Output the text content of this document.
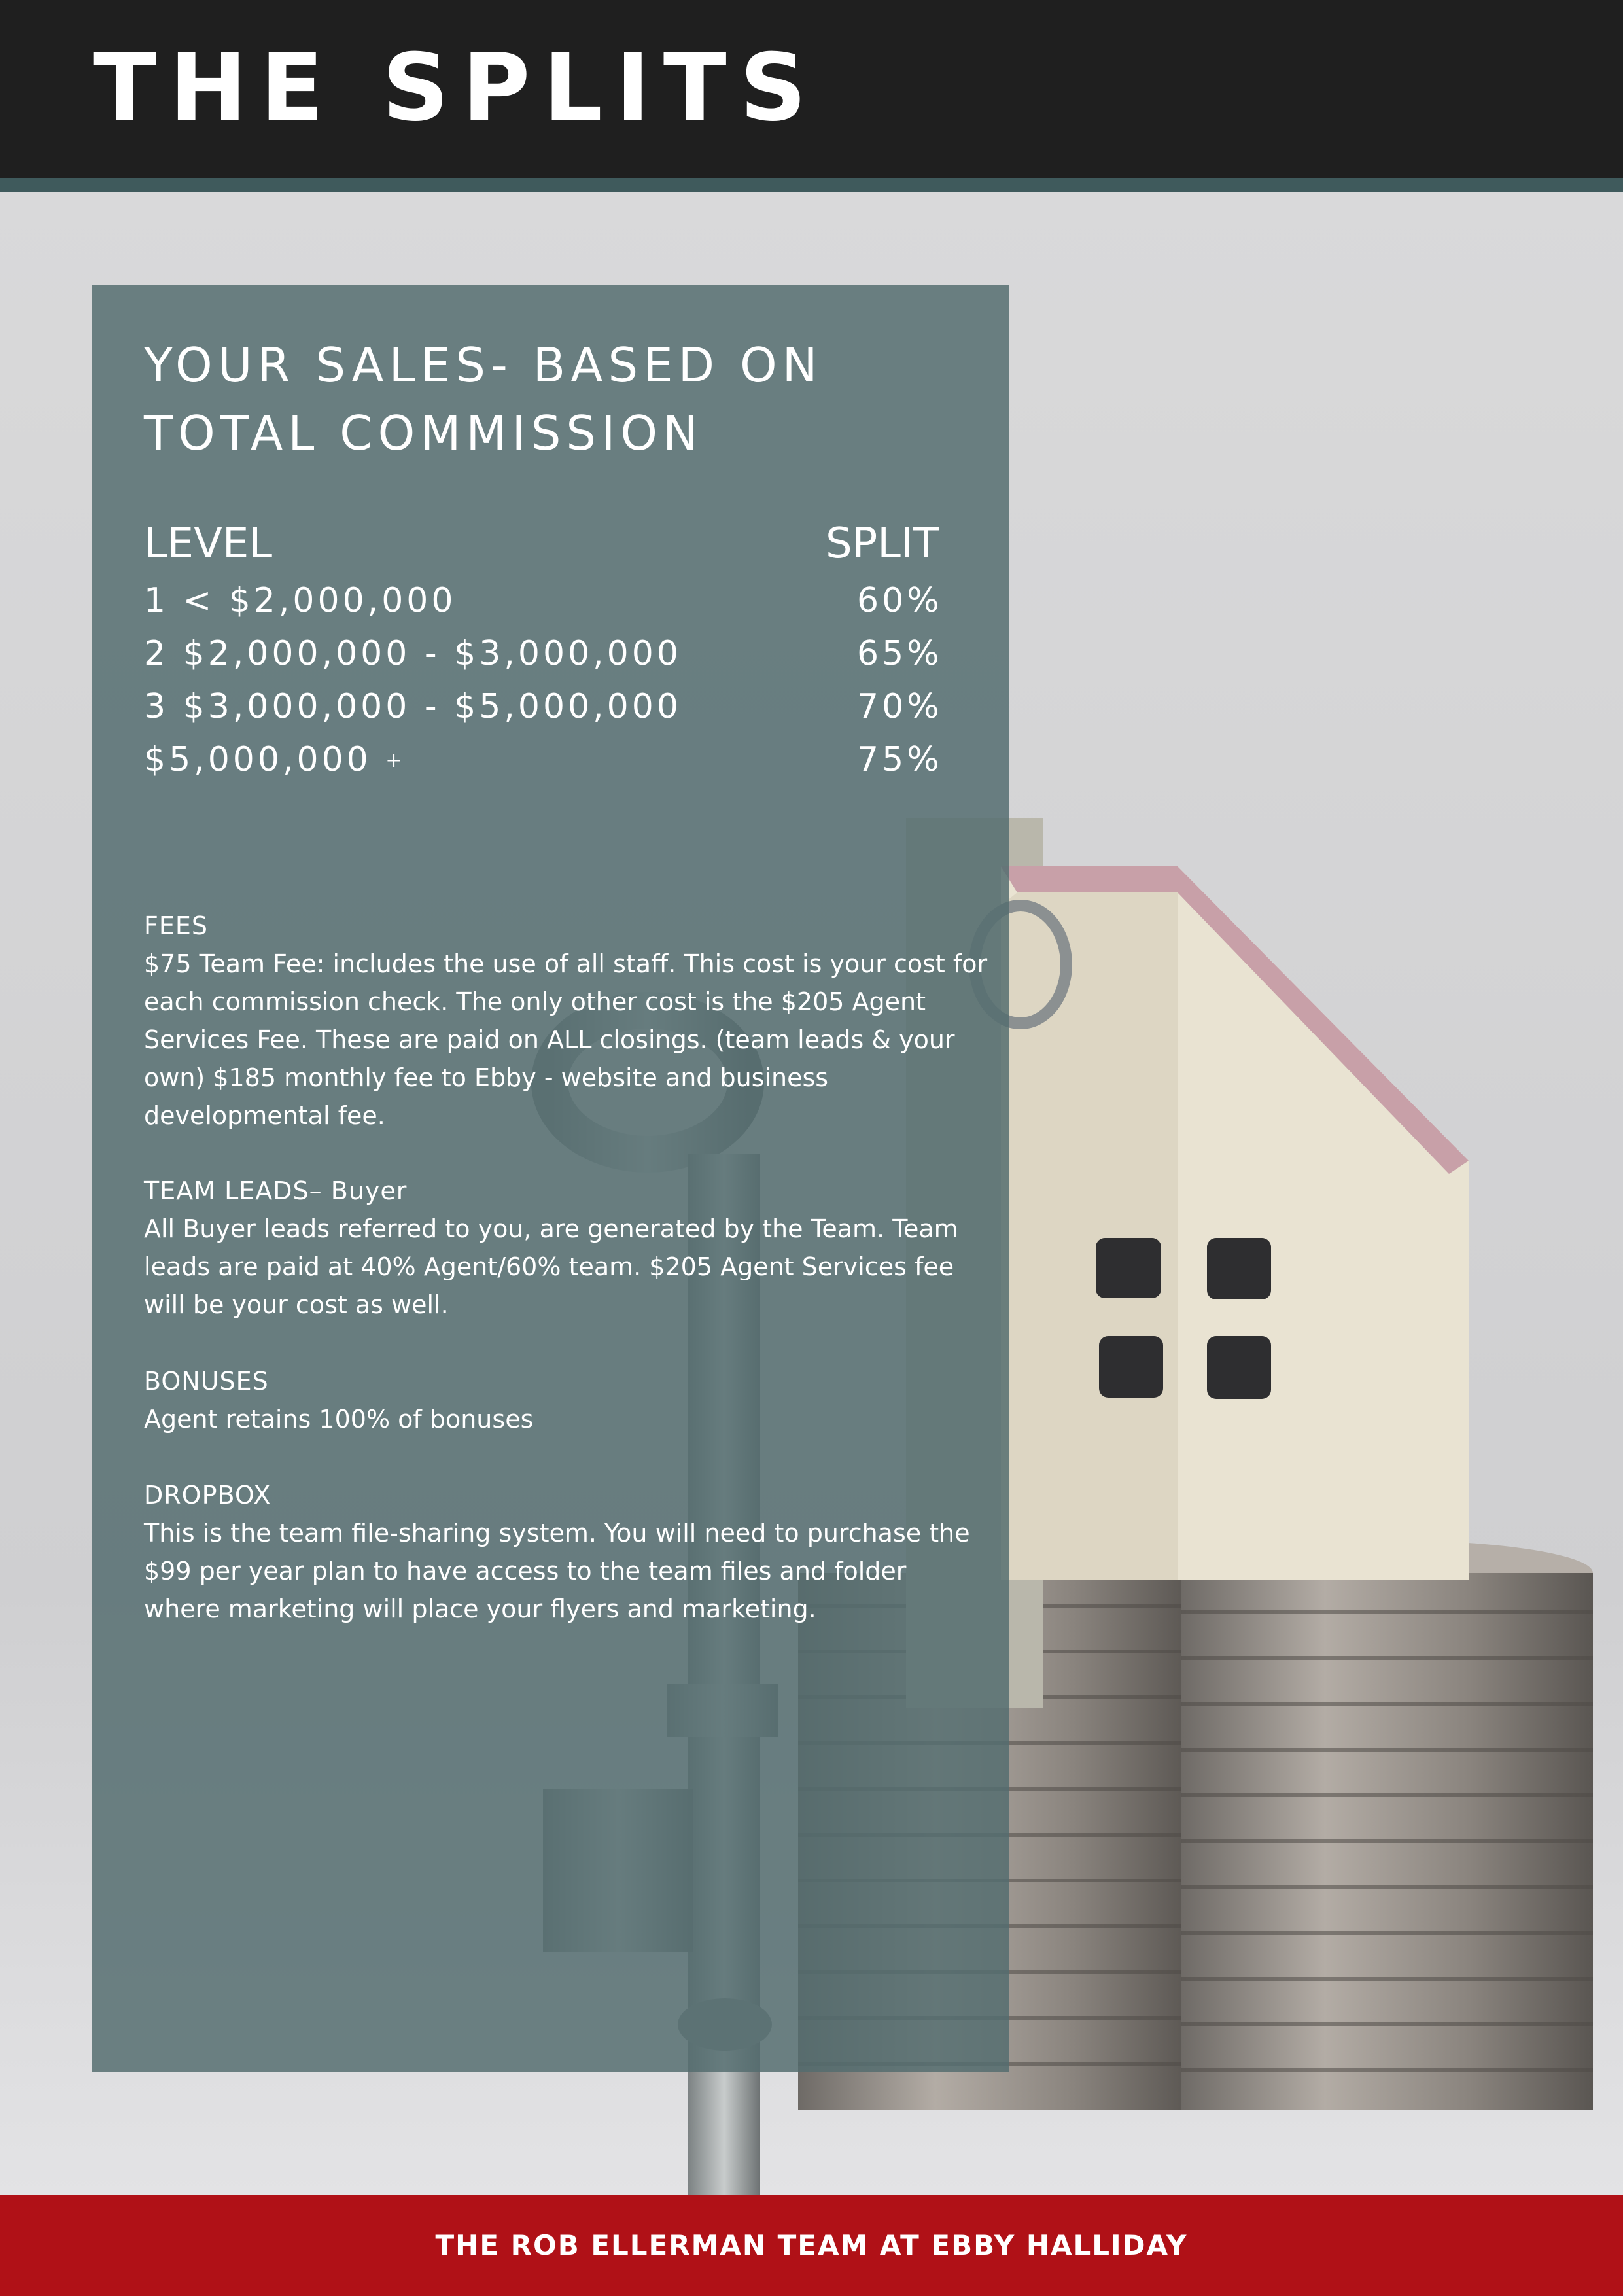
THE SPLITS
YOUR SALES- BASED ON
TOTAL COMMISSION
LEVEL	SPLIT
1 < $2,000,000	60%
2 $2,000,000 - $3,000,000	65%
3 $3,000,000 - $5,000,000	70%
$5,000,000 +	75%
FEES
$75 Team Fee: includes the use of all staff. This cost is your cost for each commission check. The only other cost is the $205 Agent Services Fee. These are paid on ALL closings. (team leads & your own) $185 monthly fee to Ebby - website and business developmental fee.
TEAM LEADS– Buyer
All Buyer leads referred to you, are generated by the Team. Team leads are paid at 40% Agent/60% team. $205 Agent Services fee will be your cost as well.
BONUSES
Agent retains 100% of bonuses
DROPBOX
This is the team file-sharing system. You will need to purchase the $99 per year plan to have access to the team files and folder where marketing will place your flyers and marketing.
THE ROB ELLERMAN TEAM AT EBBY HALLIDAY
